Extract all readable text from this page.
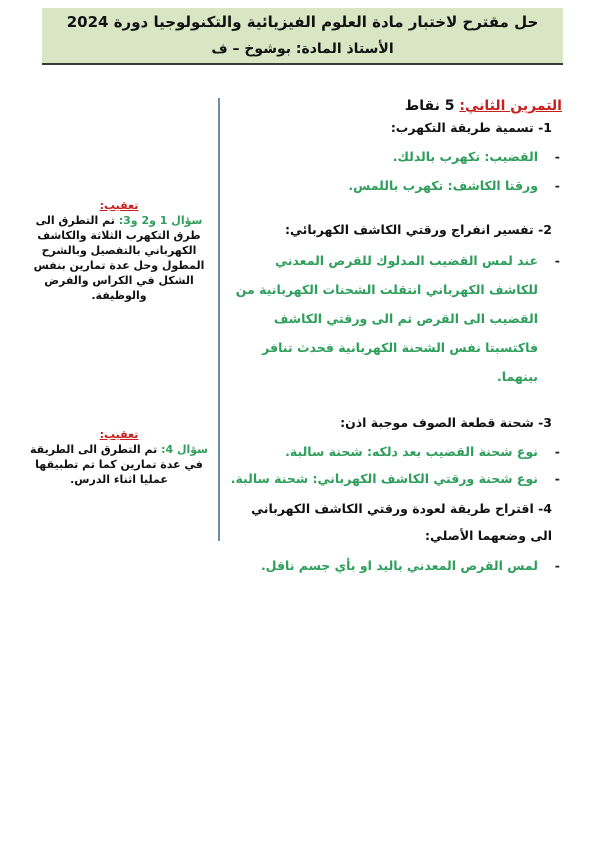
حل مقترح لاختبار مادة العلوم الفيزيائية والتكنولوجيا دورة 2024
الأستاذ المادة: بوشوخ – ف
التمرين الثاني: 5 نقاط
1- تسمية طريقة التكهرب:
-
القضيب: تكهرب بالدلك.
-
ورقتا الكاشف: تكهرب باللمس.
2- تفسير انفراج ورقتي الكاشف الكهربائي:
-
عند لمس القضيب المدلوك للقرص المعدني للكاشف الكهرباني انتقلت الشحنات الكهربانية من القضيب الى القرص ثم الى ورقتي الكاشف فاكتسبتا نفس الشحنة الكهربانية فحدث تنافر بينهما.
3- شحنة قطعة الصوف موجبة اذن:
-
نوع شحنة القضيب بعد دلكه: شحنة سالبة.
-
نوع شحنة ورقتي الكاشف الكهرباني: شحنة سالبة.
4- اقتراح طريقة لعودة ورقتي الكاشف الكهرباني الى وضعهما الأصلي:
-
لمس القرص المعدني باليد او بأي جسم ناقل.
تعقيب:
سؤال 1 و2 و3: تم التطرق الى طرق التكهرب الثلاثة والكاشف الكهرباني بالتفصيل وبالشرح المطول وحل عدة تمارين بنفس الشكل في الكراس والفرض والوظيفة.
تعقيب:
سؤال 4: تم التطرق الى الطريقة في عدة تمارين كما تم تطبيقها عمليا اثناء الدرس.
